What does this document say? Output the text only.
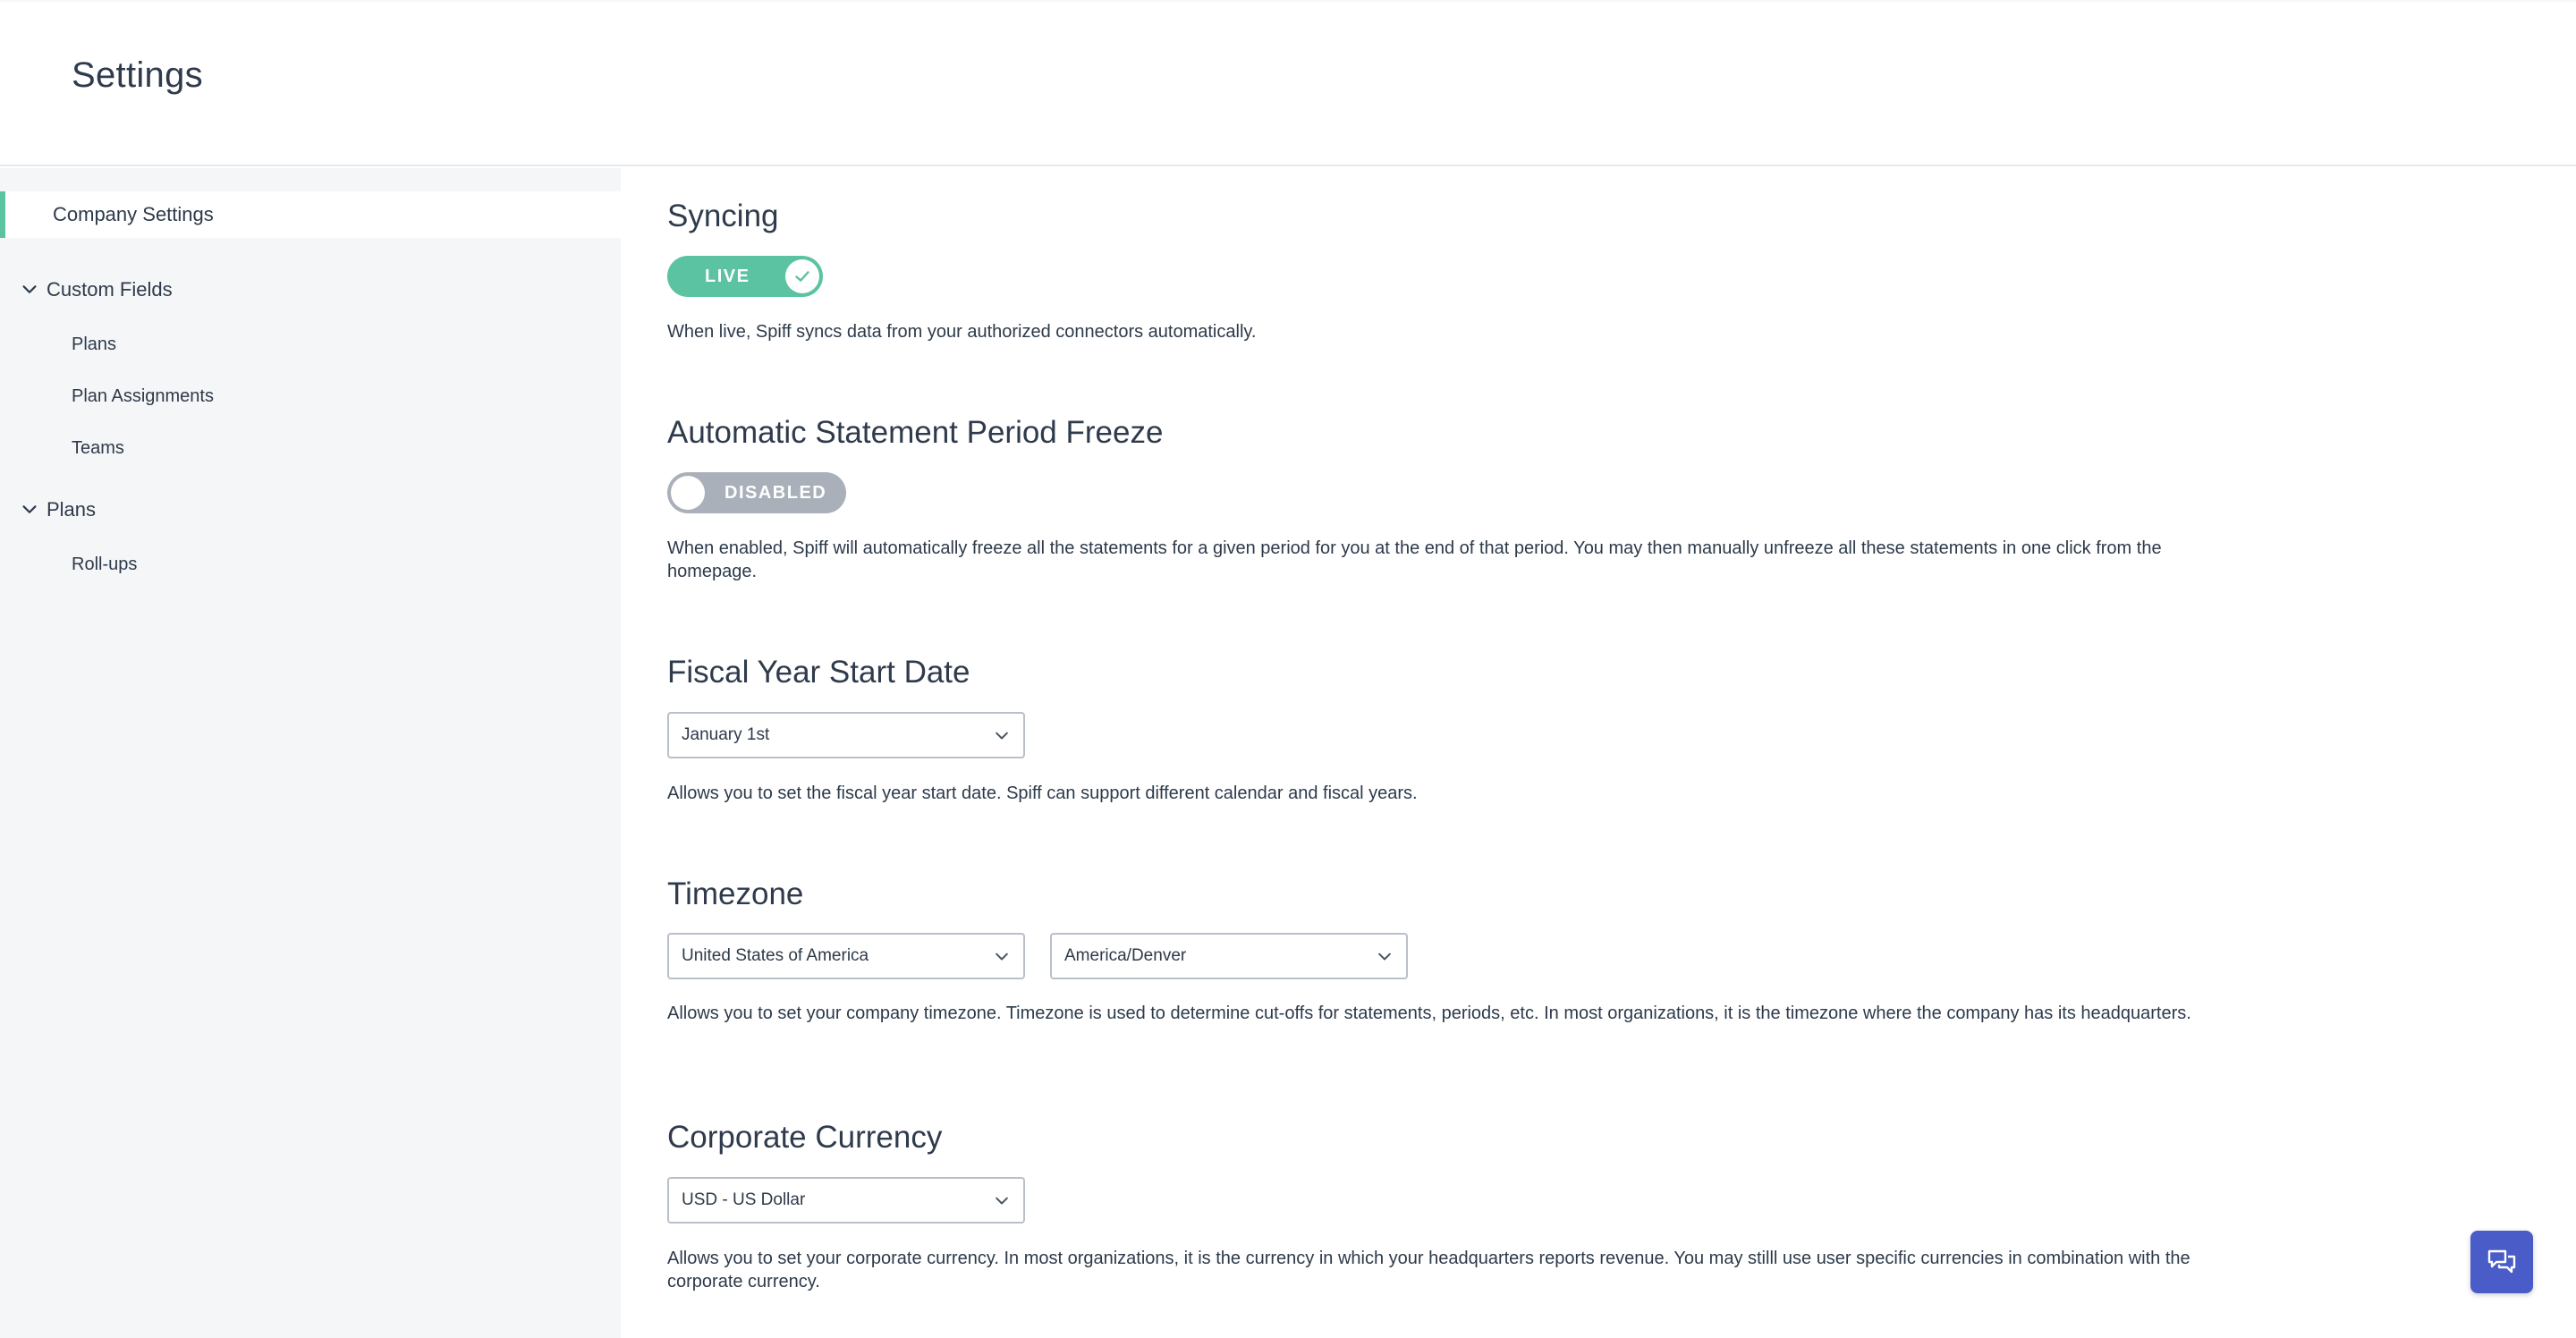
Settings
Company Settings
Custom Fields
Plans
Plan Assignments
Teams
Plans
Roll-ups
Syncing
LIVE
When live, Spiff syncs data from your authorized connectors automatically.
Automatic Statement Period Freeze
DISABLED
When enabled, Spiff will automatically freeze all the statements for a given period for you at the end of that period. You may then manually unfreeze all these statements in one click from the homepage.
Fiscal Year Start Date
January 1st
Allows you to set the fiscal year start date. Spiff can support different calendar and fiscal years.
Timezone
United States of America	America/Denver
Allows you to set your company timezone. Timezone is used to determine cut-offs for statements, periods, etc. In most organizations, it is the timezone where the company has its headquarters.
Corporate Currency
USD - US Dollar
Allows you to set your corporate currency. In most organizations, it is the currency in which your headquarters reports revenue. You may stilll use user specific currencies in combination with the corporate currency.
